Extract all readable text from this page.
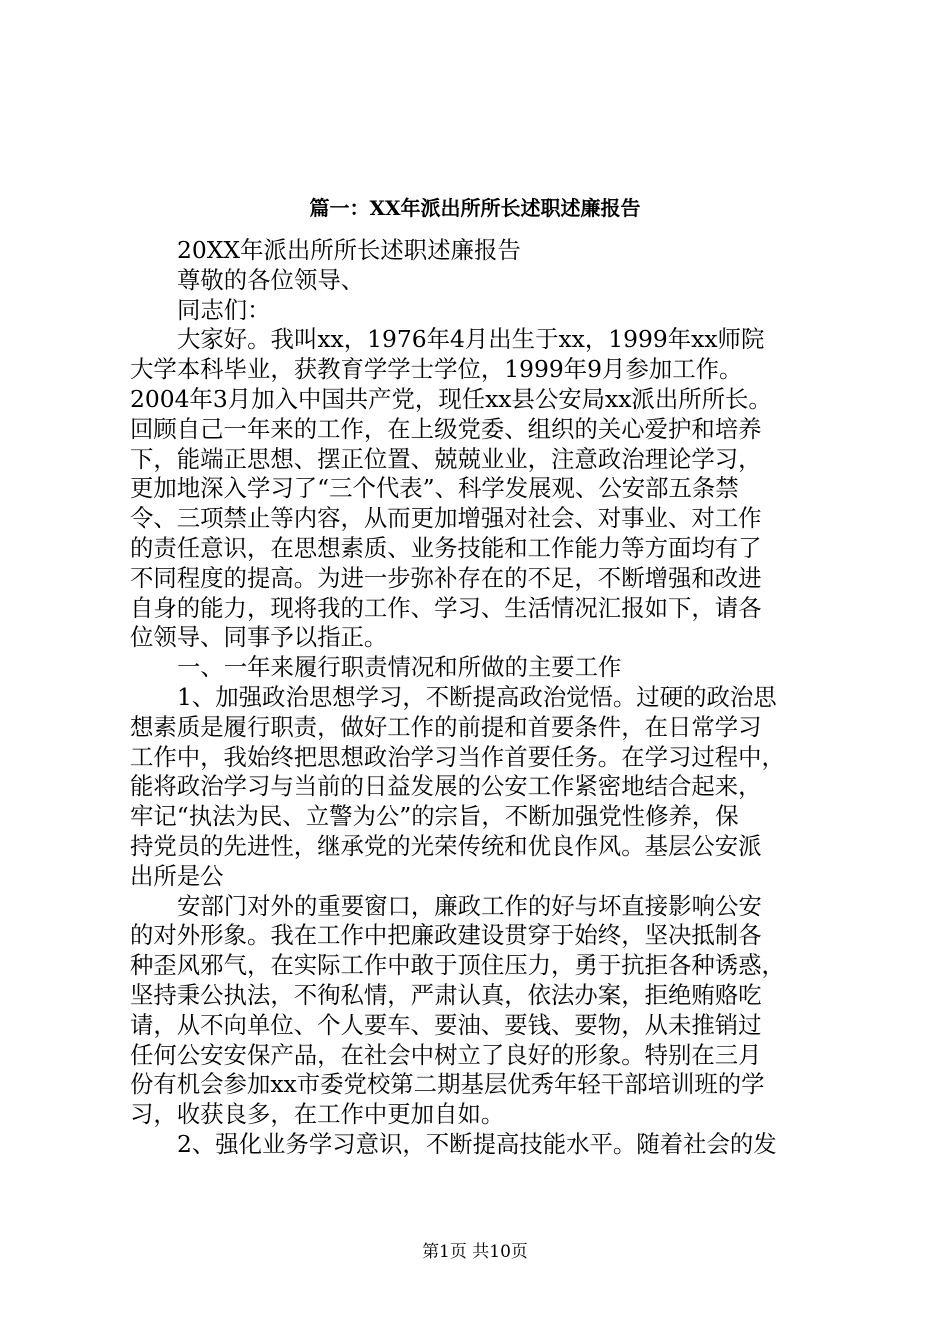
篇一：XX年派出所所长述职述廉报告
20XX年派出所所长述职述廉报告
尊敬的各位领导、
同志们：
大家好。我叫xx，1976年4月出生于xx，1999年xx师院
大学本科毕业，获教育学学士学位，1999年9月参加工作。
2004年3月加入中国共产党，现任xx县公安局xx派出所所长。
回顾自己一年来的工作，在上级党委、组织的关心爱护和培养
下，能端正思想、摆正位置、兢兢业业，注意政治理论学习，
更加地深入学习了“三个代表”、科学发展观、公安部五条禁
令、三项禁止等内容，从而更加增强对社会、对事业、对工作
的责任意识，在思想素质、业务技能和工作能力等方面均有了
不同程度的提高。为进一步弥补存在的不足，不断增强和改进
自身的能力，现将我的工作、学习、生活情况汇报如下，请各
位领导、同事予以指正。
一、一年来履行职责情况和所做的主要工作
1、加强政治思想学习，不断提高政治觉悟。过硬的政治思
想素质是履行职责，做好工作的前提和首要条件，在日常学习
工作中，我始终把思想政治学习当作首要任务。在学习过程中，
能将政治学习与当前的日益发展的公安工作紧密地结合起来，
牢记“执法为民、立警为公”的宗旨，不断加强党性修养，保
持党员的先进性，继承党的光荣传统和优良作风。基层公安派
出所是公
安部门对外的重要窗口，廉政工作的好与坏直接影响公安
的对外形象。我在工作中把廉政建设贯穿于始终，坚决抵制各
种歪风邪气，在实际工作中敢于顶住压力，勇于抗拒各种诱惑，
坚持秉公执法，不徇私情，严肃认真，依法办案，拒绝贿赂吃
请，从不向单位、个人要车、要油、要钱、要物，从未推销过
任何公安安保产品，在社会中树立了良好的形象。特别在三月
份有机会参加xx市委党校第二期基层优秀年轻干部培训班的学
习，收获良多，在工作中更加自如。
2、强化业务学习意识，不断提高技能水平。随着社会的发
第1页 共10页
